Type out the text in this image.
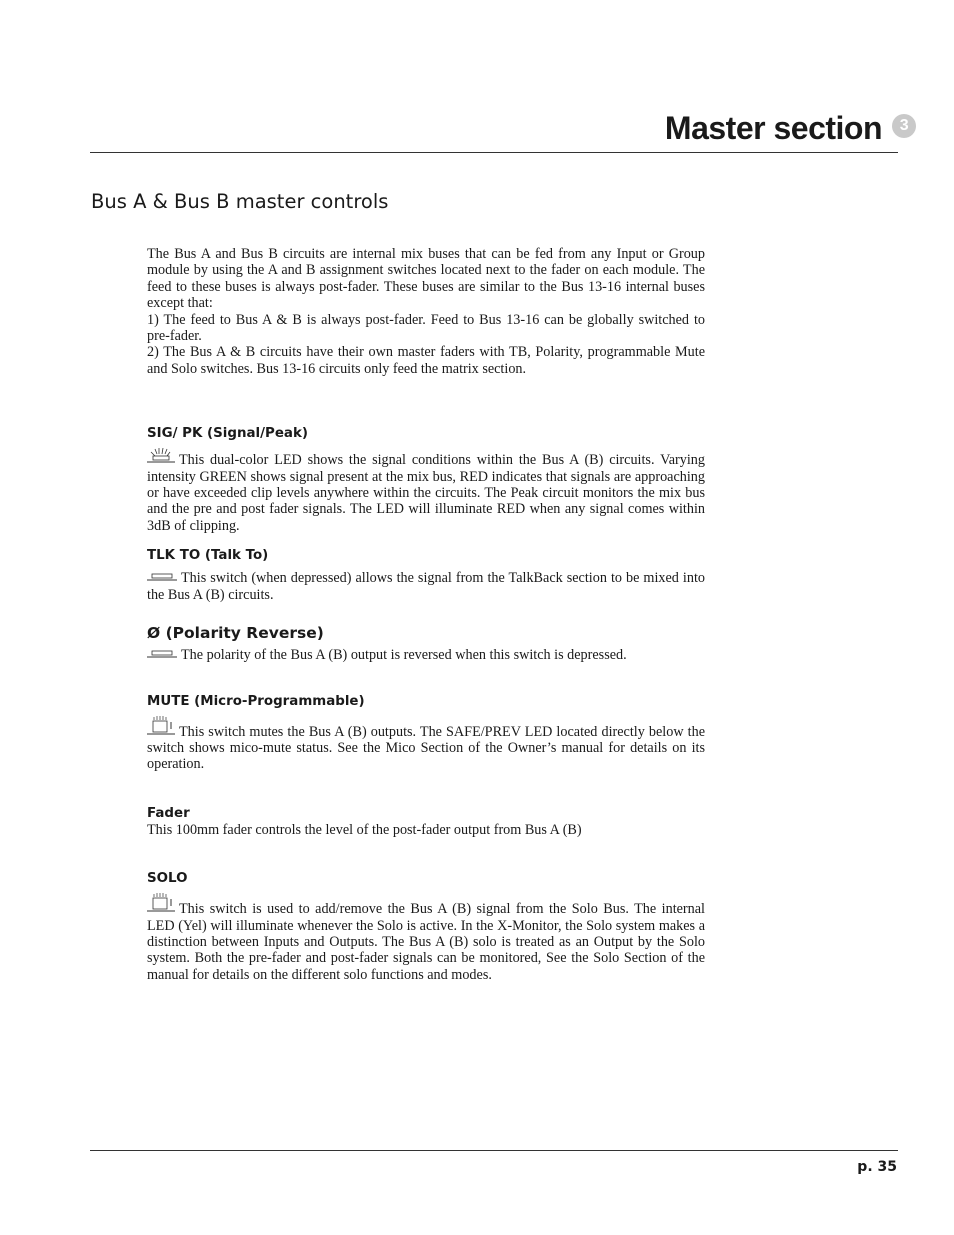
Master section	3
Bus A & Bus B master controls

The Bus A and Bus B circuits are internal mix buses that can be fed from any Input or Group module by using the A and B assignment switches located next to the fader on each module. The feed to these buses is always post-fader. These buses are similar to the Bus 13-16 internal buses except that:

1) The feed to Bus A & B is always post-fader. Feed to Bus 13-16 can be globally switched to pre-fader.

2) The Bus A & B circuits have their own master faders with TB, Polarity, programmable Mute and Solo switches. Bus 13-16 circuits only feed the matrix section.

SIG/ PK (Signal/Peak)

This dual-color LED shows the signal conditions within the Bus A (B) circuits. Varying intensity GREEN shows signal present at the mix bus, RED indicates that signals are approaching or have exceeded clip levels anywhere within the circuits. The Peak circuit monitors the mix bus and the pre and post fader signals. The LED will illuminate RED when any signal comes within 3dB of clipping.

TLK TO (Talk To)

This switch (when depressed) allows the signal from the TalkBack section to be mixed into the Bus A (B) circuits.

Ø (Polarity Reverse)

The polarity of the Bus A (B) output is reversed when this switch is depressed.

MUTE (Micro-Programmable)

This switch mutes the Bus A (B) outputs. The SAFE/PREV LED located directly below the switch shows mico-mute status. See the Mico Section of the Owner’s manual for details on its operation.

Fader

This 100mm fader controls the level of the post-fader output from Bus A (B)

SOLO

This switch is used to add/remove the Bus A (B) signal from the Solo Bus. The internal LED (Yel) will illuminate whenever the Solo is active. In the X-Monitor, the Solo system makes a distinction between Inputs and Outputs. The Bus A (B) solo is treated as an Output by the Solo system. Both the pre-fader and post-fader signals can be monitored, See the Solo Section of the manual for details on the different solo functions and modes.

p. 35
